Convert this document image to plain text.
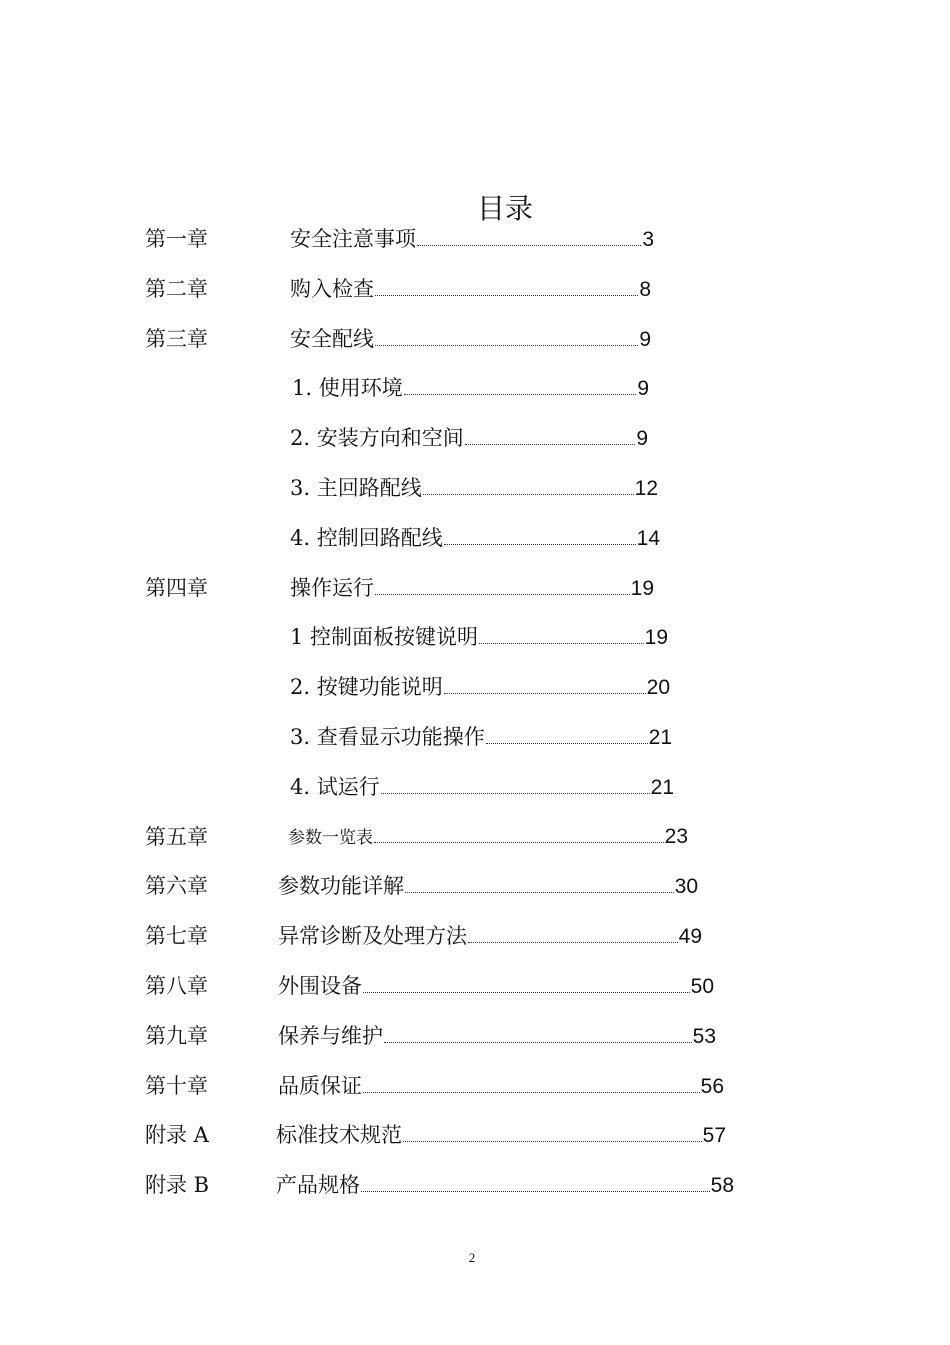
目录
第一章	安全注意事项	3
第二章	购入检查	8
第三章	安全配线	9
1. 使用环境	9
2. 安装方向和空间	9
3. 主回路配线	12
4. 控制回路配线	14
第四章	操作运行	19
1 控制面板按键说明	19
2. 按键功能说明	20
3. 查看显示功能操作	21
4. 试运行	21
第五章	参数一览表	23
第六章	参数功能详解	30
第七章	异常诊断及处理方法	49
第八章	外围设备	50
第九章	保养与维护	53
第十章	品质保证	56
附录 A	标准技术规范	57
附录 B	产品规格	58
2
